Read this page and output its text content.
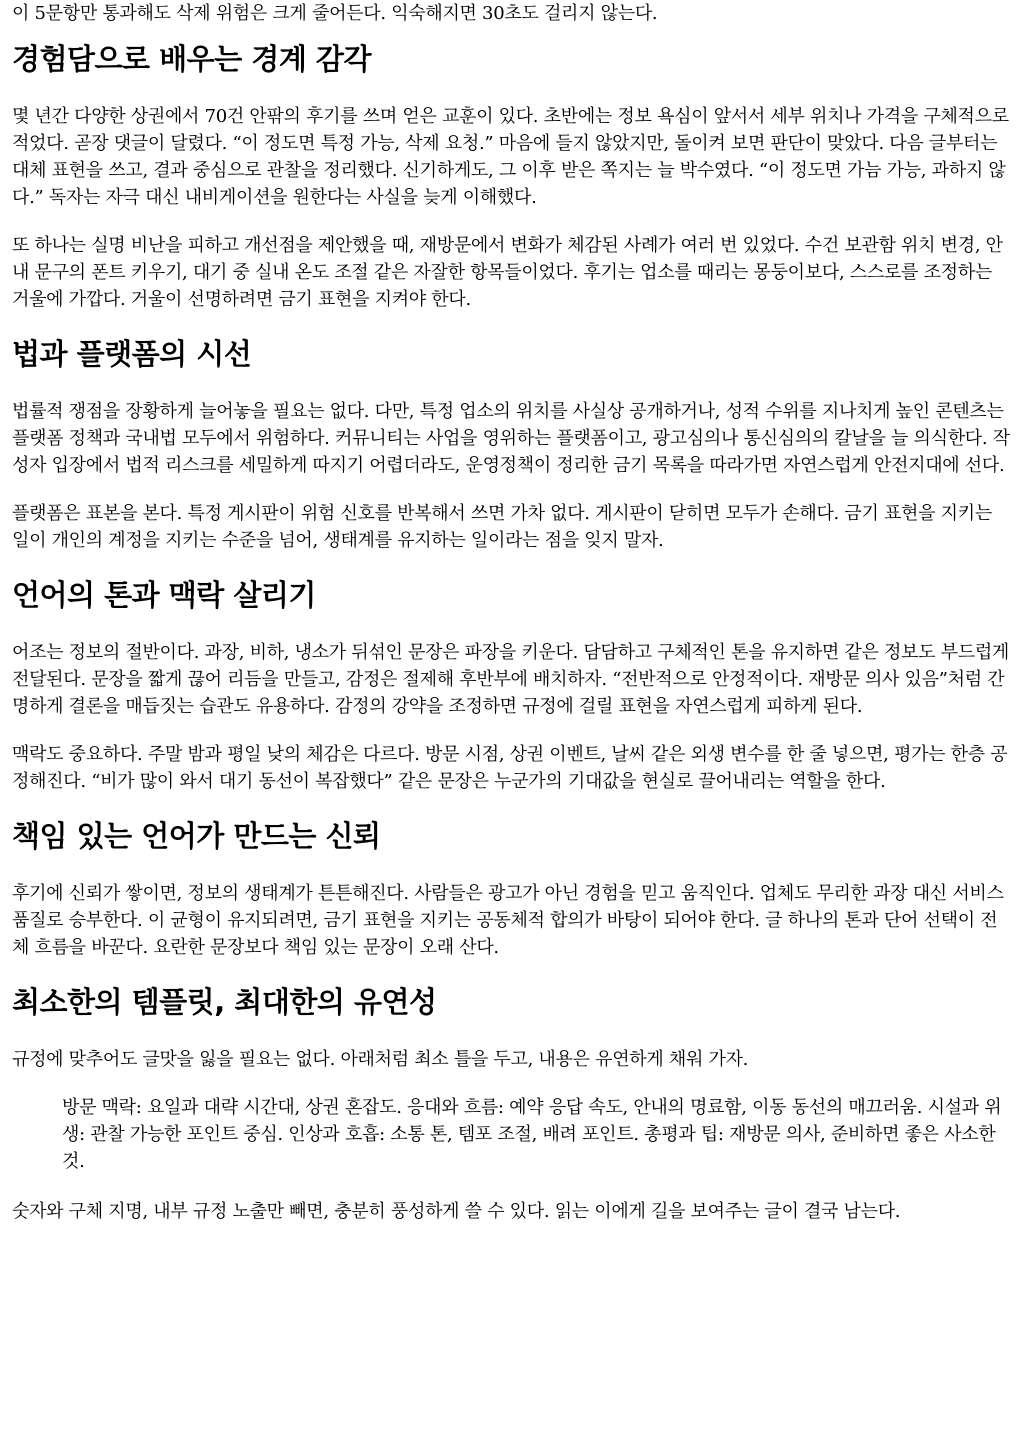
이 5문항만 통과해도 삭제 위험은 크게 줄어든다. 익숙해지면 30초도 걸리지 않는다.

경험담으로 배우는 경계 감각

몇 년간 다양한 상권에서 70건 안팎의 후기를 쓰며 얻은 교훈이 있다. 초반에는 정보 욕심이 앞서서 세부 위치나 가격을 구체적으로 적었다. 곧장 댓글이 달렸다. “이 정도면 특정 가능, 삭제 요청.” 마음에 들지 않았지만, 돌이켜 보면 판단이 맞았다. 다음 글부터는 대체 표현을 쓰고, 결과 중심으로 관찰을 정리했다. 신기하게도, 그 이후 받은 쪽지는 늘 박수였다. “이 정도면 가늠 가능, 과하지 않다.” 독자는 자극 대신 내비게이션을 원한다는 사실을 늦게 이해했다.

또 하나는 실명 비난을 피하고 개선점을 제안했을 때, 재방문에서 변화가 체감된 사례가 여러 번 있었다. 수건 보관함 위치 변경, 안내 문구의 폰트 키우기, 대기 중 실내 온도 조절 같은 자잘한 항목들이었다. 후기는 업소를 때리는 몽둥이보다, 스스로를 조정하는 거울에 가깝다. 거울이 선명하려면 금기 표현을 지켜야 한다.

법과 플랫폼의 시선

법률적 쟁점을 장황하게 늘어놓을 필요는 없다. 다만, 특정 업소의 위치를 사실상 공개하거나, 성적 수위를 지나치게 높인 콘텐츠는 플랫폼 정책과 국내법 모두에서 위험하다. 커뮤니티는 사업을 영위하는 플랫폼이고, 광고심의나 통신심의의 칼날을 늘 의식한다. 작성자 입장에서 법적 리스크를 세밀하게 따지기 어렵더라도, 운영정책이 정리한 금기 목록을 따라가면 자연스럽게 안전지대에 선다.

플랫폼은 표본을 본다. 특정 게시판이 위험 신호를 반복해서 쓰면 가차 없다. 게시판이 닫히면 모두가 손해다. 금기 표현을 지키는 일이 개인의 계정을 지키는 수준을 넘어, 생태계를 유지하는 일이라는 점을 잊지 말자.

언어의 톤과 맥락 살리기

어조는 정보의 절반이다. 과장, 비하, 냉소가 뒤섞인 문장은 파장을 키운다. 담담하고 구체적인 톤을 유지하면 같은 정보도 부드럽게 전달된다. 문장을 짧게 끊어 리듬을 만들고, 감정은 절제해 후반부에 배치하자. “전반적으로 안정적이다. 재방문 의사 있음”처럼 간명하게 결론을 매듭짓는 습관도 유용하다. 감정의 강약을 조정하면 규정에 걸릴 표현을 자연스럽게 피하게 된다.

맥락도 중요하다. 주말 밤과 평일 낮의 체감은 다르다. 방문 시점, 상권 이벤트, 날씨 같은 외생 변수를 한 줄 넣으면, 평가는 한층 공정해진다. “비가 많이 와서 대기 동선이 복잡했다” 같은 문장은 누군가의 기대값을 현실로 끌어내리는 역할을 한다.

책임 있는 언어가 만드는 신뢰

후기에 신뢰가 쌓이면, 정보의 생태계가 튼튼해진다. 사람들은 광고가 아닌 경험을 믿고 움직인다. 업체도 무리한 과장 대신 서비스 품질로 승부한다. 이 균형이 유지되려면, 금기 표현을 지키는 공동체적 합의가 바탕이 되어야 한다. 글 하나의 톤과 단어 선택이 전체 흐름을 바꾼다. 요란한 문장보다 책임 있는 문장이 오래 산다.

최소한의 템플릿, 최대한의 유연성

규정에 맞추어도 글맛을 잃을 필요는 없다. 아래처럼 최소 틀을 두고, 내용은 유연하게 채워 가자.

방문 맥락: 요일과 대략 시간대, 상권 혼잡도. 응대와 흐름: 예약 응답 속도, 안내의 명료함, 이동 동선의 매끄러움. 시설과 위생: 관찰 가능한 포인트 중심. 인상과 호흡: 소통 톤, 템포 조절, 배려 포인트. 총평과 팁: 재방문 의사, 준비하면 좋은 사소한 것.

숫자와 구체 지명, 내부 규정 노출만 빼면, 충분히 풍성하게 쓸 수 있다. 읽는 이에게 길을 보여주는 글이 결국 남는다.
